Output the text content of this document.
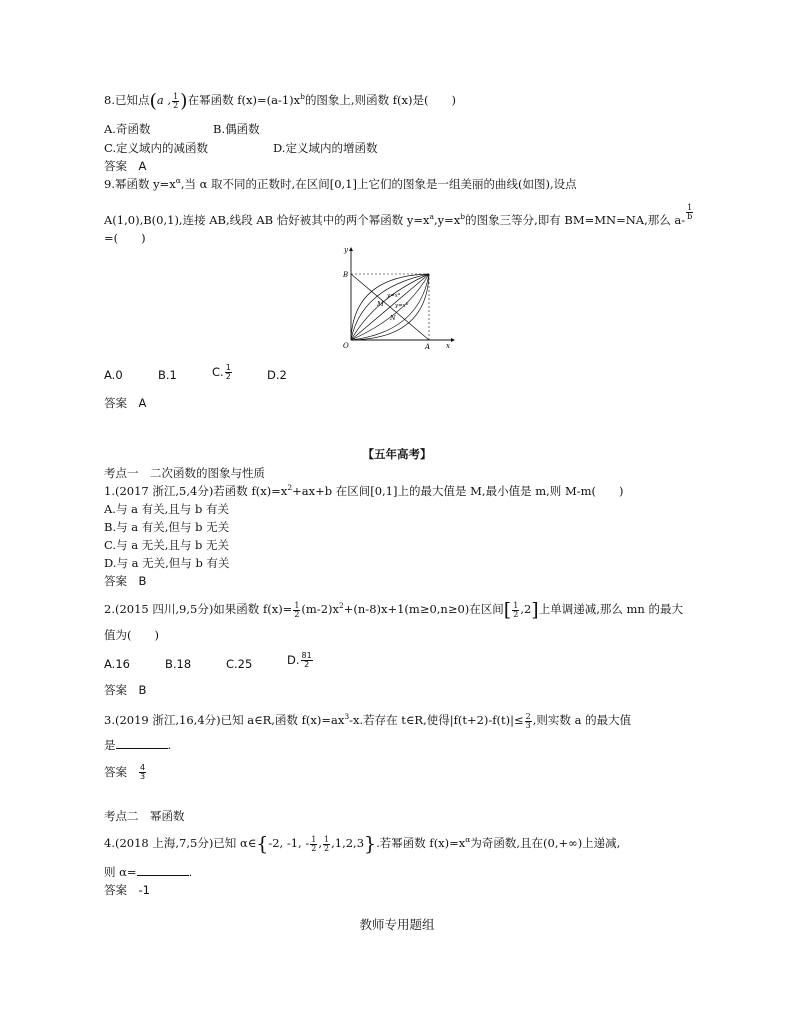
8.已知点(a , $\frac{1}{2}$ )在幂函数 $f(x)=(a-1)x^b$的图象上,则函数 f(x)是(　　)
A.奇函数	B.偶函数
C.定义域内的减函数	D.定义域内的增函数
答案　A
9.幂函数 $y=x^\alpha$,当 α 取不同的正数时,在区间[0,1]上它们的图象是一组美丽的曲线(如图),设点
A(1,0),B(0,1),连接 AB,线段 AB 恰好被其中的两个幂函数 $y=x^a,y=x^b$的图象三等分,即有 BM=MN=NA,那么 $a- \frac{1}{b}$
=(　　)
y
x
O	A
B
M
N
$y=x^a$
$y=x^b$
A.0	B.1	C. $\frac{1}{2}$	D.2
答案　A
【五年高考】
考点一　二次函数的图象与性质
1.(2017 浙江,5,4分)若函数 $f(x)=x^2+ax+b$ 在区间[0,1]上的最大值是 M,最小值是 m,则 M-m(　　)
A.与 a 有关,且与 b 有关
B.与 a 有关,但与 b 无关
C.与 a 无关,且与 b 无关
D.与 a 无关,但与 b 有关
答案　B
2.(2015 四川,9,5分)如果函数 $f(x)= \frac{1}{2} (m-2)x^2+(n-8)x+1(m\ge 0,n\ge 0)$在区间[ $\frac{1}{2} ,2$]上单调递减,那么 mn 的最大
值为(　　)
A.16	B.18	C.25	D. $\frac{81}{2}$
答案　B
3.(2019 浙江,16,4分)已知 a∈R,函数 $f(x)=ax^3-x$.若存在 t∈R,使得$|f(t+2)-f(t)|\le \frac{2}{3}$ ,则实数 a 的最大值
是	.
答案 $\frac{4}{3}$
考点二　幂函数
4.(2018 上海,7,5分)已知 α∈{-2, -1, - $\frac{1}{2}$ , $\frac{1}{2} ,1,2,3$}.若幂函数 $f(x)=x^\alpha$为奇函数,且在(0,+∞)上递减,
则 α=	.
答案　-1
教师专用题组
